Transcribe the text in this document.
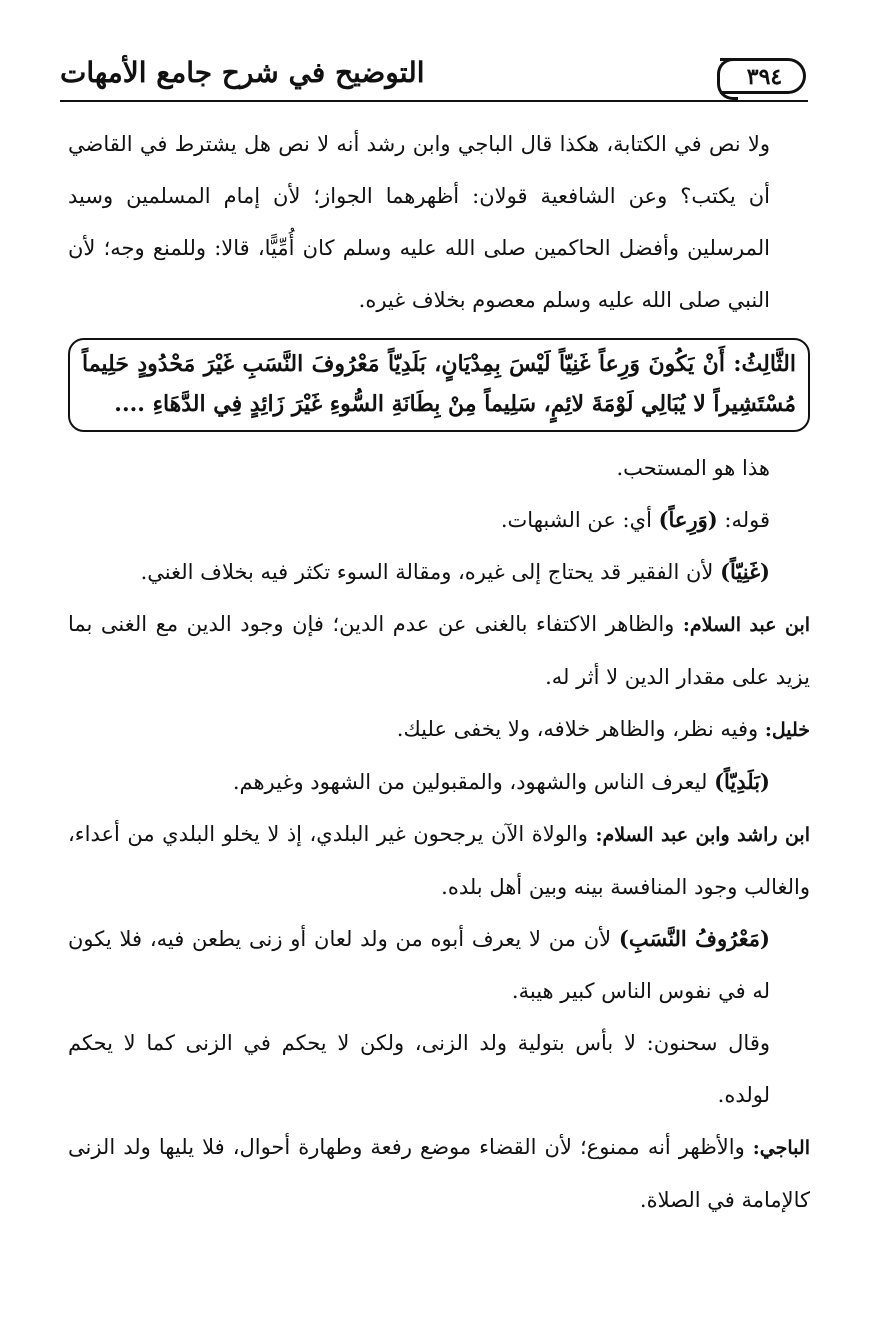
التوضيح في شرح جامع الأمهات	٣٩٤

ولا نص في الكتابة، هكذا قال الباجي وابن رشد أنه لا نص هل يشترط في القاضي أن يكتب؟ وعن الشافعية قولان: أظهرهما الجواز؛ لأن إمام المسلمين وسيد المرسلين وأفضل الحاكمين صلى الله عليه وسلم كان أُمِّيًّا، قالا: وللمنع وجه؛ لأن النبي صلى الله عليه وسلم معصوم بخلاف غيره.

الثَّالِثُ: أَنْ يَكُونَ وَرِعاً غَنِيّاً لَيْسَ بِمِدْيَانٍ، بَلَدِيّاً مَعْرُوفَ النَّسَبِ غَيْرَ مَحْدُودٍ حَلِيماً مُسْتَشِيراً لا يُبَالِي لَوْمَةَ لائِمٍ، سَلِيماً مِنْ بِطَانَةِ السُّوءِ غَيْرَ زَائِدٍ فِي الدَّهَاءِ ....

هذا هو المستحب.

قوله: (وَرِعاً) أي: عن الشبهات.

(غَنِيّاً) لأن الفقير قد يحتاج إلى غيره، ومقالة السوء تكثر فيه بخلاف الغني.

ابن عبد السلام: والظاهر الاكتفاء بالغنى عن عدم الدين؛ فإن وجود الدين مع الغنى بما يزيد على مقدار الدين لا أثر له.

خليل: وفيه نظر، والظاهر خلافه، ولا يخفى عليك.

(بَلَدِيّاً) ليعرف الناس والشهود، والمقبولين من الشهود وغيرهم.

ابن راشد وابن عبد السلام: والولاة الآن يرجحون غير البلدي، إذ لا يخلو البلدي من أعداء، والغالب وجود المنافسة بينه وبين أهل بلده.

(مَعْرُوفُ النَّسَبِ) لأن من لا يعرف أبوه من ولد لعان أو زنى يطعن فيه، فلا يكون له في نفوس الناس كبير هيبة.

وقال سحنون: لا بأس بتولية ولد الزنى، ولكن لا يحكم في الزنى كما لا يحكم لولده.

الباجي: والأظهر أنه ممنوع؛ لأن القضاء موضع رفعة وطهارة أحوال، فلا يليها ولد الزنى كالإمامة في الصلاة.
